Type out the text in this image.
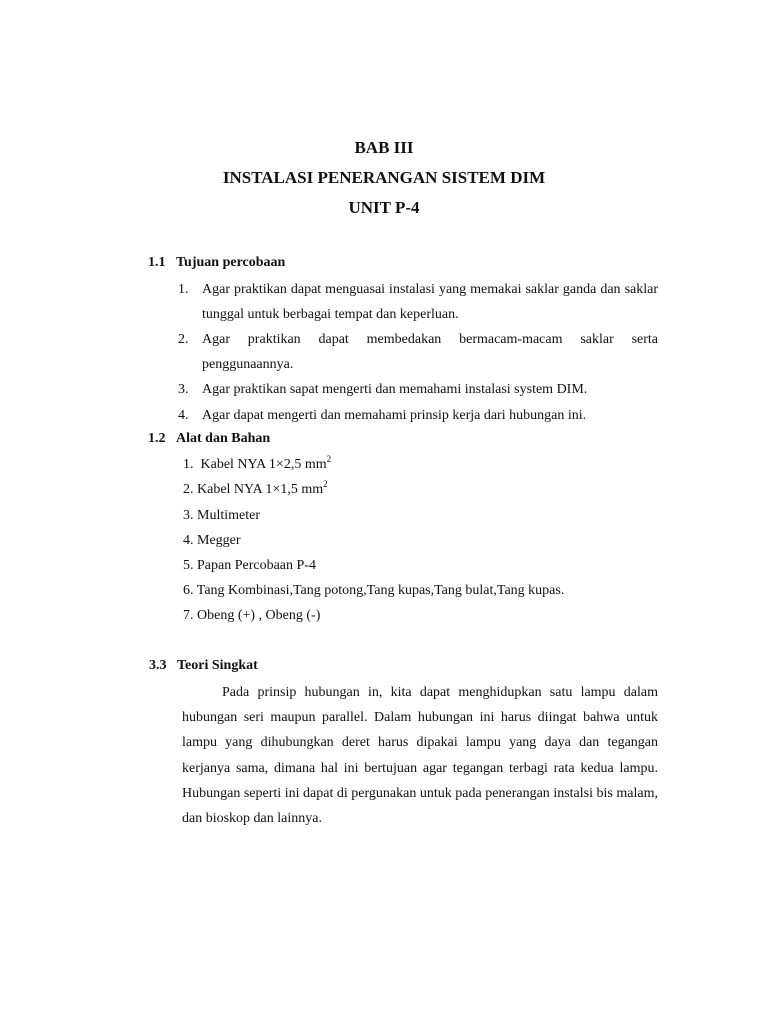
BAB III
INSTALASI PENERANGAN SISTEM DIM
UNIT P-4
1.1 Tujuan percobaan
1. Agar praktikan dapat menguasai instalasi yang memakai saklar ganda dan saklar tunggal untuk berbagai tempat dan keperluan.
2. Agar praktikan dapat membedakan bermacam-macam saklar serta penggunaannya.
3. Agar praktikan sapat mengerti dan memahami instalasi system DIM.
4. Agar dapat mengerti dan memahami prinsip kerja dari hubungan ini.
1.2 Alat dan Bahan
1. Kabel NYA 1×2,5 $mm^2$
2. Kabel NYA 1×1,5 $mm^2$
3. Multimeter
4. Megger
5. Papan Percobaan P-4
6. Tang Kombinasi,Tang potong,Tang kupas,Tang bulat,Tang kupas.
7. Obeng (+) , Obeng (-)
3.3 Teori Singkat
Pada prinsip hubungan in, kita dapat menghidupkan satu lampu dalam hubungan seri maupun parallel. Dalam hubungan ini harus diingat bahwa untuk lampu yang dihubungkan deret harus dipakai lampu yang daya dan tegangan kerjanya sama, dimana hal ini bertujuan agar tegangan terbagi rata kedua lampu. Hubungan seperti ini dapat di pergunakan untuk pada penerangan instalsi bis malam, dan bioskop dan lainnya.
